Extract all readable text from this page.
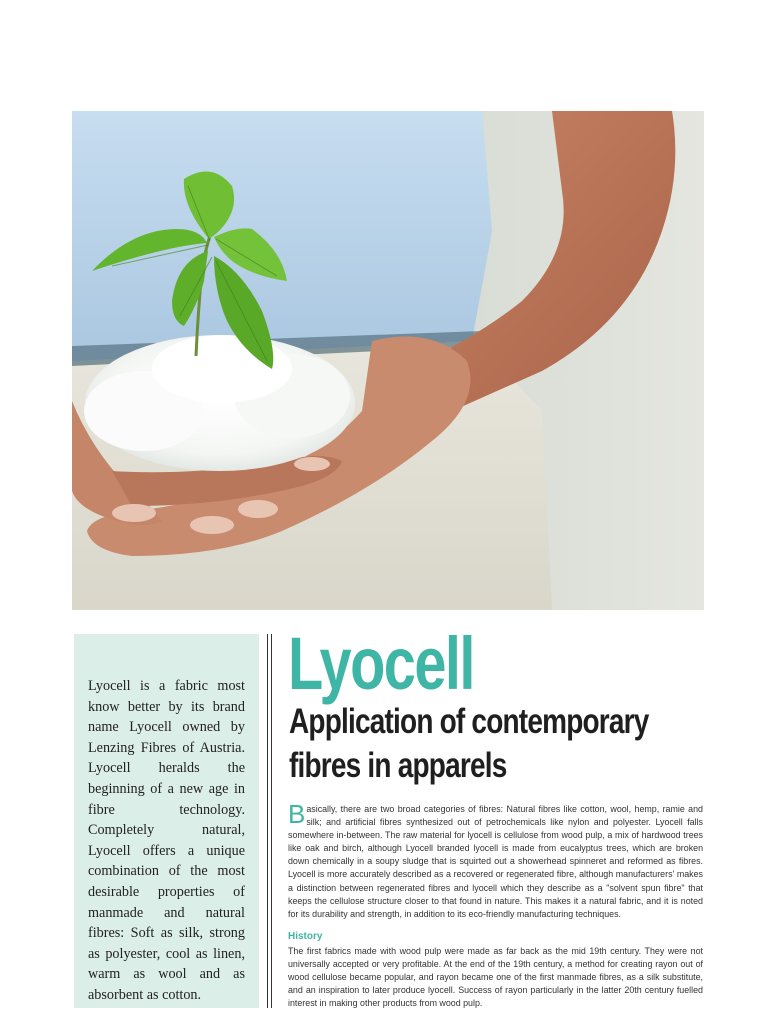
Lyocell is a fabric most know better by its brand name Lyocell owned by Lenzing Fibres of Austria. Lyocell heralds the beginning of a new age in fibre technology. Completely natural, Lyocell offers a unique combination of the most desirable properties of manmade and natural fibres: Soft as silk, strong as polyester, cool as linen, warm as wool and as absorbent as cotton.

Lyocell
Application of contemporary fibres in apparels

Basically, there are two broad categories of fibres: Natural fibres like cotton, wool, hemp, ramie and silk; and artificial fibres synthesized out of petrochemicals like nylon and polyester. Lyocell falls somewhere in-between. The raw material for lyocell is cellulose from wood pulp, a mix of hardwood trees like oak and birch, although Lyocell branded lyocell is made from eucalyptus trees, which are broken down chemically in a soupy sludge that is squirted out a showerhead spinneret and reformed as fibres. Lyocell is more accurately described as a recovered or regenerated fibre, although manufacturers' makes a distinction between regenerated fibres and lyocell which they describe as a "solvent spun fibre" that keeps the cellulose structure closer to that found in nature. This makes it a natural fabric, and it is noted for its durability and strength, in addition to its eco-friendly manufacturing techniques.

History

The first fabrics made with wood pulp were made as far back as the mid 19th century. They were not universally accepted or very profitable. At the end of the 19th century, a method for creating rayon out of wood cellulose became popular, and rayon became one of the first manmade fibres, as a silk substitute, and an inspiration to later produce lyocell. Success of rayon particularly in the latter 20th century fuelled interest in making other products from wood pulp.
